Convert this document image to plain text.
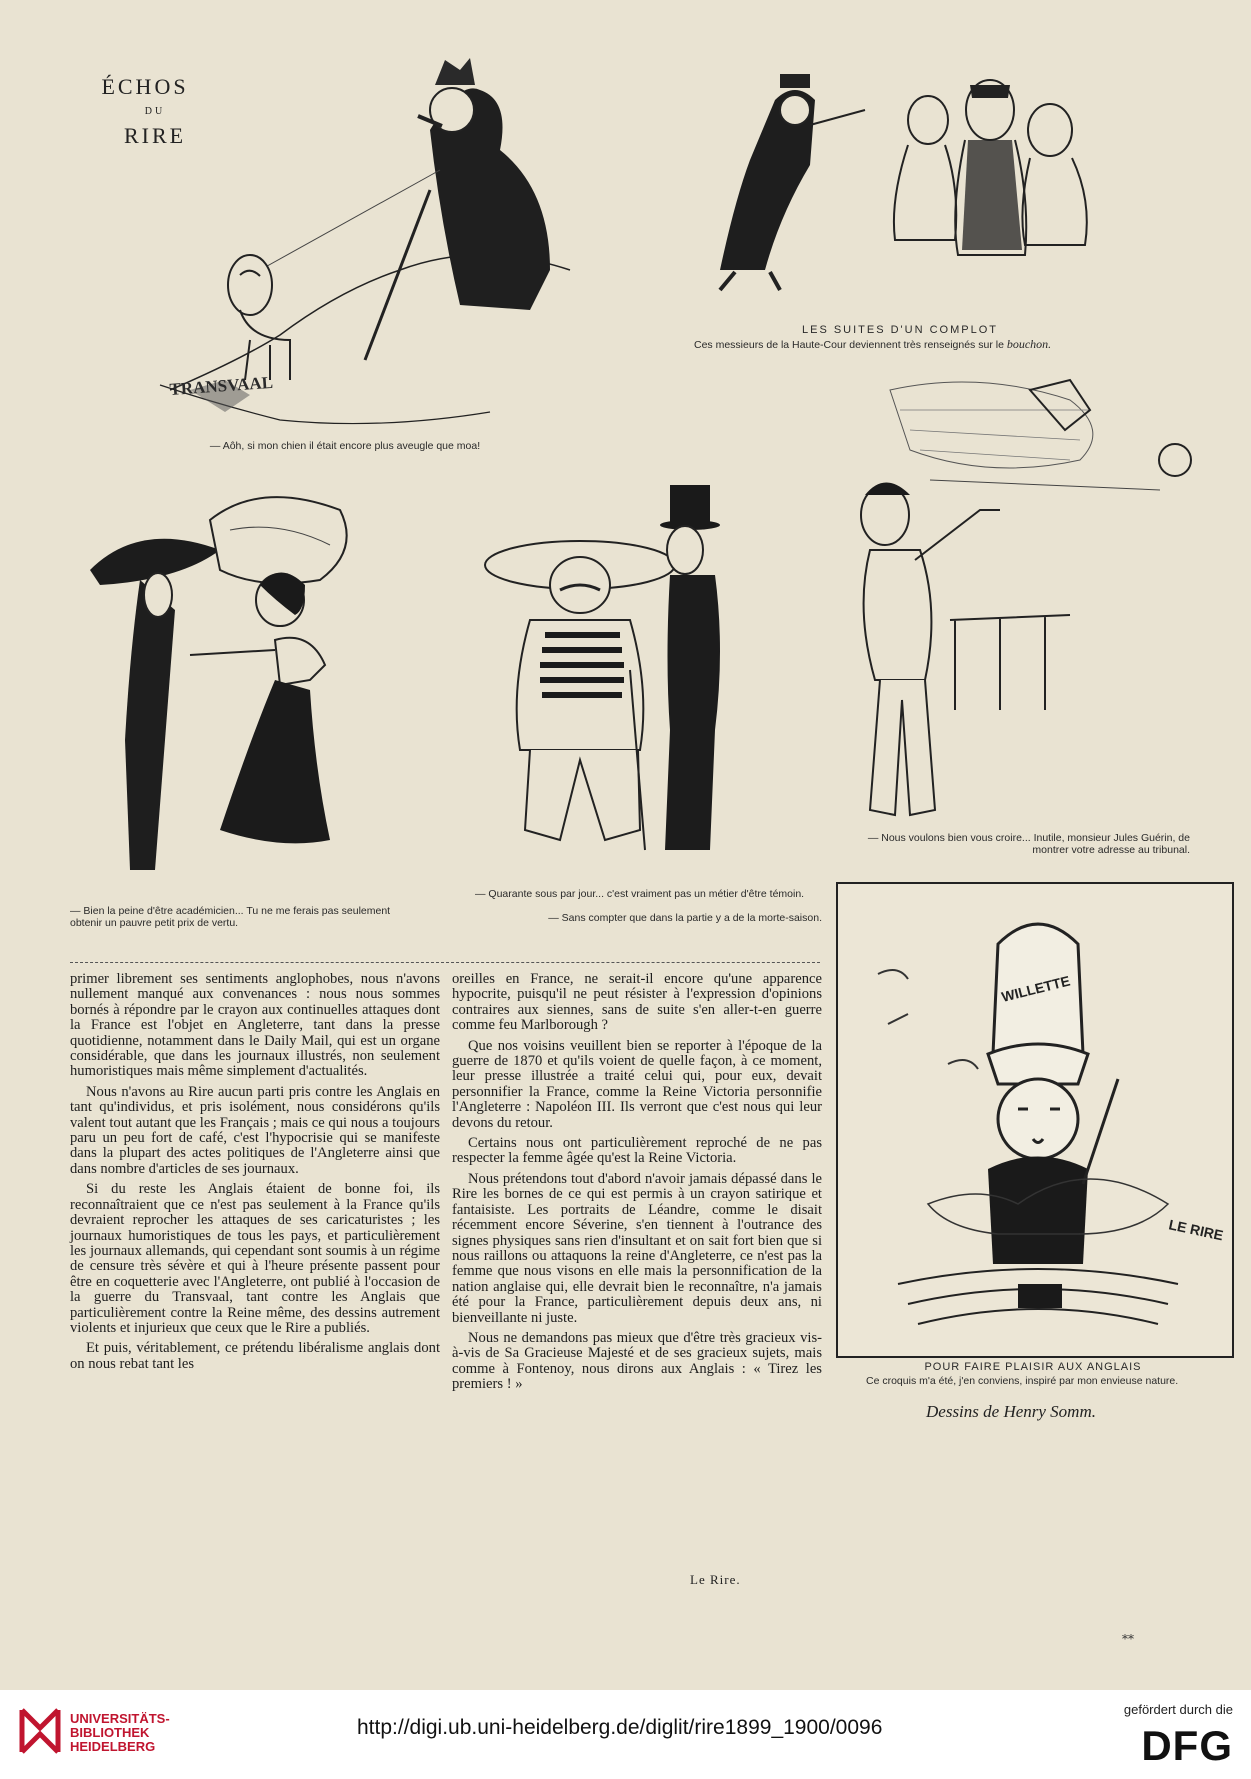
ÉCHOS
DU
RIRE
TRANSVAAL
— Aôh, si mon chien il était encore plus aveugle que moa!
LES SUITES D'UN COMPLOT
Ces messieurs de la Haute-Cour deviennent très renseignés sur le bouchon.
— Bien la peine d'être académicien... Tu ne me ferais pas seulement obtenir un pauvre petit prix de vertu.
— Quarante sous par jour... c'est vraiment pas un métier d'être témoin.
— Sans compter que dans la partie y a de la morte-saison.
— Nous voulons bien vous croire... Inutile, monsieur Jules Guérin, de montrer votre adresse au tribunal.
WILLETTE
LE RIRE
POUR FAIRE PLAISIR AUX ANGLAIS
Ce croquis m'a été, j'en conviens, inspiré par mon envieuse nature.
Dessins de Henry Somm.

primer librement ses sentiments anglophobes, nous n'avons nullement manqué aux convenances : nous nous sommes bornés à répondre par le crayon aux continuelles attaques dont la France est l'objet en Angleterre, tant dans la presse quotidienne, notamment dans le Daily Mail, qui est un organe considérable, que dans les journaux illustrés, non seulement humoristiques mais même simplement d'actualités.

Nous n'avons au Rire aucun parti pris contre les Anglais en tant qu'individus, et pris isolément, nous considérons qu'ils valent tout autant que les Français ; mais ce qui nous a toujours paru un peu fort de café, c'est l'hypocrisie qui se manifeste dans la plupart des actes politiques de l'Angleterre ainsi que dans nombre d'articles de ses journaux.

Si du reste les Anglais étaient de bonne foi, ils reconnaîtraient que ce n'est pas seulement à la France qu'ils devraient reprocher les attaques de ses caricaturistes ; les journaux humoristiques de tous les pays, et particulièrement les journaux allemands, qui cependant sont soumis à un régime de censure très sévère et qui à l'heure présente passent pour être en coquetterie avec l'Angleterre, ont publié à l'occasion de la guerre du Transvaal, tant contre les Anglais que particulièrement contre la Reine même, des dessins autrement violents et injurieux que ceux que le Rire a publiés.

Et puis, véritablement, ce prétendu libéralisme anglais dont on nous rebat tant les

oreilles en France, ne serait-il encore qu'une apparence hypocrite, puisqu'il ne peut résister à l'expression d'opinions contraires aux siennes, sans de suite s'en aller-t-en guerre comme feu Marlborough ?

Que nos voisins veuillent bien se reporter à l'époque de la guerre de 1870 et qu'ils voient de quelle façon, à ce moment, leur presse illustrée a traité celui qui, pour eux, devait personnifier la France, comme la Reine Victoria personnifie l'Angleterre : Napoléon III. Ils verront que c'est nous qui leur devons du retour.

Certains nous ont particulièrement reproché de ne pas respecter la femme âgée qu'est la Reine Victoria.

Nous prétendons tout d'abord n'avoir jamais dépassé dans le Rire les bornes de ce qui est permis à un crayon satirique et fantaisiste. Les portraits de Léandre, comme le disait récemment encore Séverine, s'en tiennent à l'outrance des signes physiques sans rien d'insultant et on sait fort bien que si nous raillons ou attaquons la reine d'Angleterre, ce n'est pas la femme que nous visons en elle mais la personnification de la nation anglaise qui, elle devrait bien le reconnaître, n'a jamais été pour la France, particulièrement depuis deux ans, ni bienveillante ni juste.

Nous ne demandons pas mieux que d'être très gracieux vis-à-vis de Sa Gracieuse Majesté et de ses gracieux sujets, mais comme à Fontenoy, nous dirons aux Anglais : « Tirez les premiers ! »

Le Rire.
**
UNIVERSITÄTS-
BIBLIOTHEK
HEIDELBERG
http://digi.ub.uni-heidelberg.de/diglit/rire1899_1900/0096
gefördert durch die
DFG
